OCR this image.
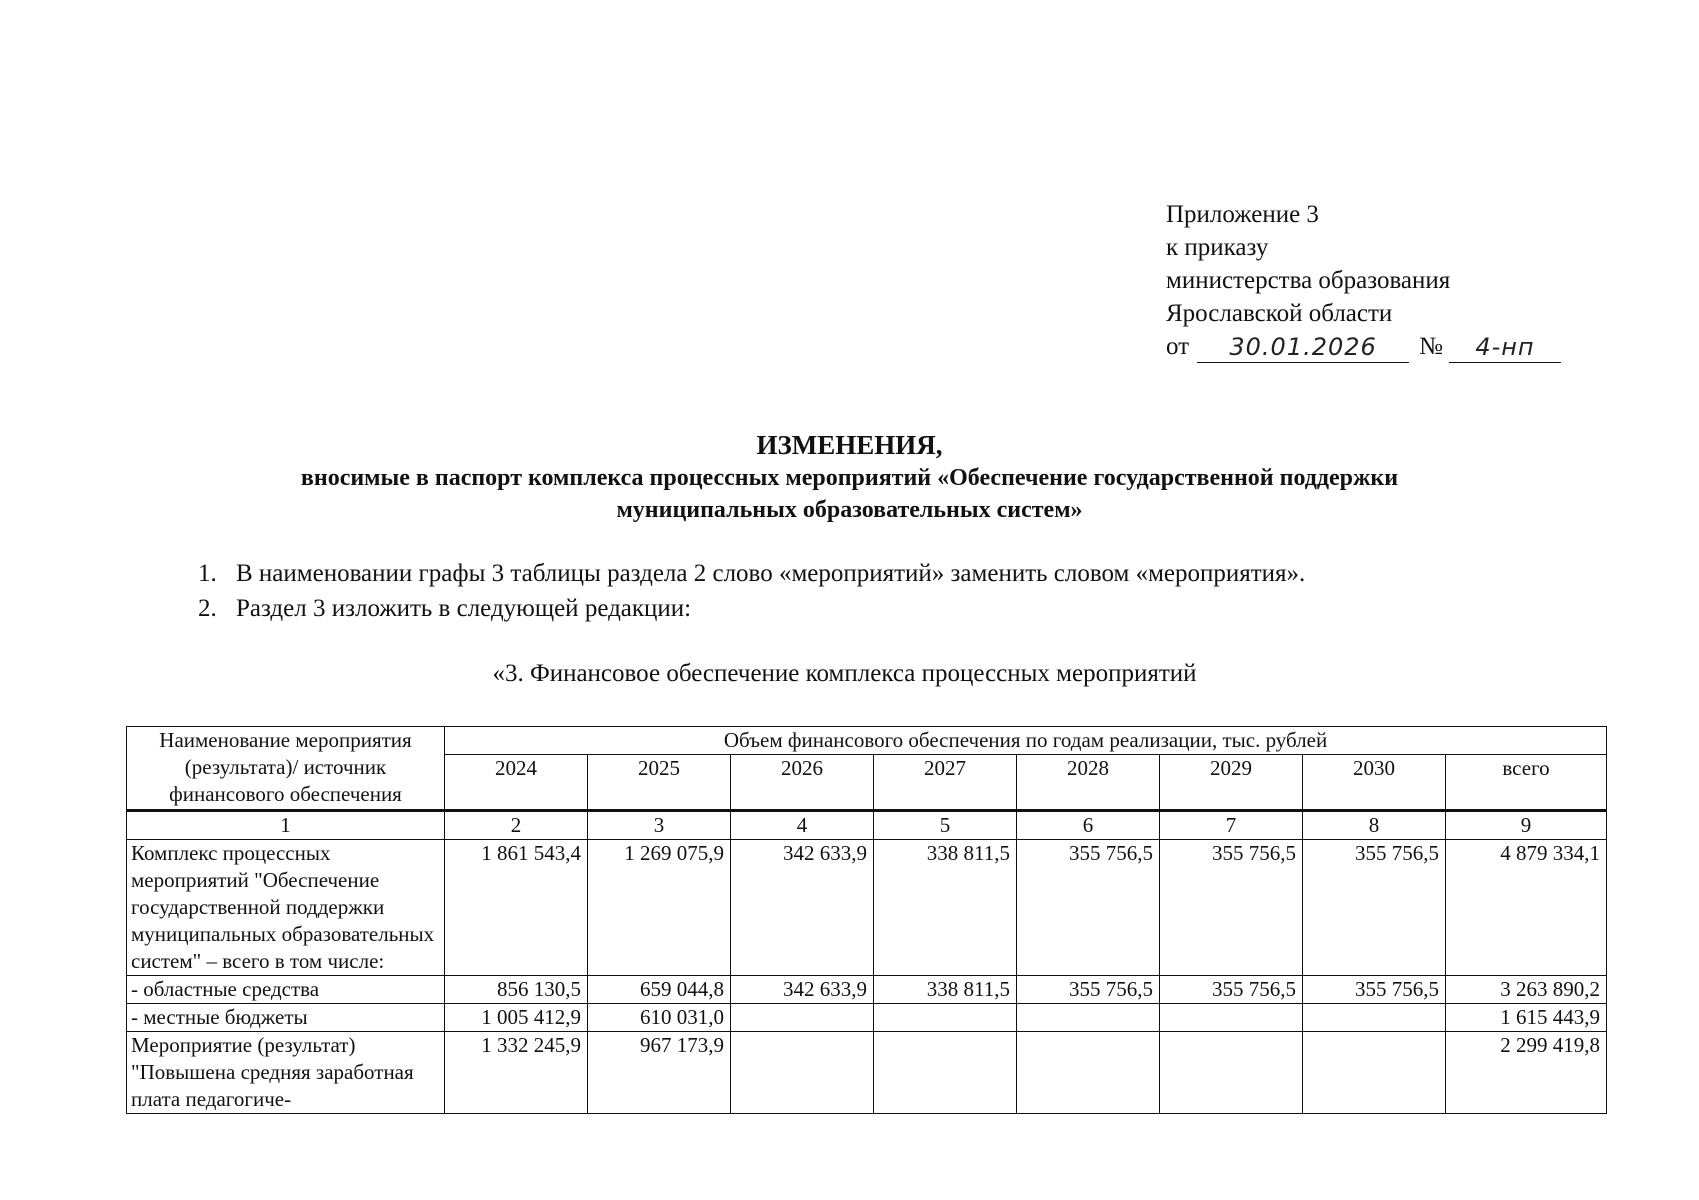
Приложение 3
к приказу
министерства образования
Ярославской области
от	30.01.2026	№	4-нп
ИЗМЕНЕНИЯ,
вносимые в паспорт комплекса процессных мероприятий «Обеспечение государственной поддержки
муниципальных образовательных систем»
1. В наименовании графы 3 таблицы раздела 2 слово «мероприятий» заменить словом «мероприятия».
2. Раздел 3 изложить в следующей редакции:
«3. Финансовое обеспечение комплекса процессных мероприятий
Наименование мероприятия (результата)/ источник финансового обеспечения	Объем финансового обеспечения по годам реализации, тыс. рублей							
	2024	2025	2026	2027	2028	2029	2030	всего
1	2	3	4	5	6	7	8	9
Комплекс процессных мероприятий "Обеспечение государственной поддержки муниципальных образовательных систем" – всего в том числе:	1 861 543,4	1 269 075,9	342 633,9	338 811,5	355 756,5	355 756,5	355 756,5	4 879 334,1
- областные средства	856 130,5	659 044,8	342 633,9	338 811,5	355 756,5	355 756,5	355 756,5	3 263 890,2
- местные бюджеты	1 005 412,9	610 031,0						1 615 443,9
Мероприятие (результат) "Повышена средняя заработная плата педагогиче-	1 332 245,9	967 173,9						2 299 419,8
